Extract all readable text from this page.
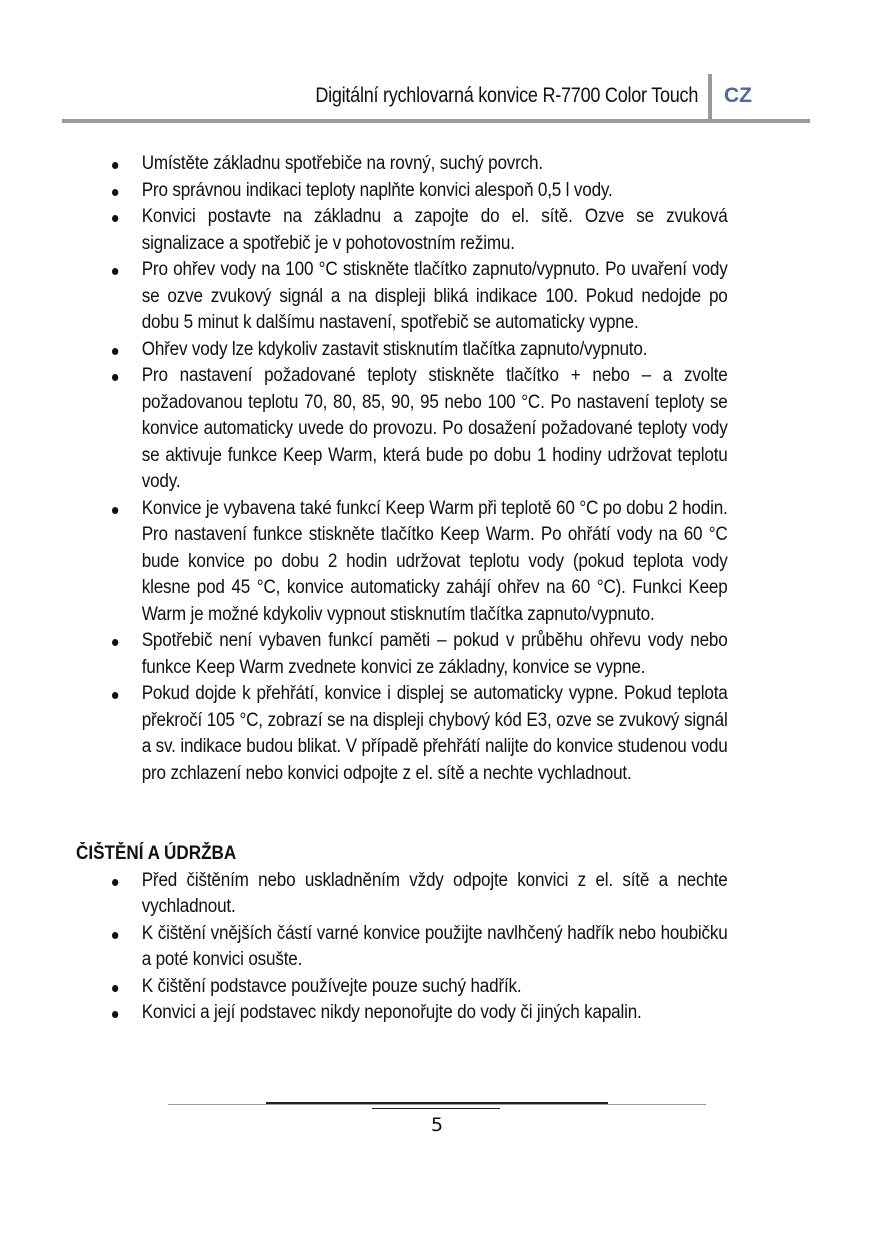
Digitální rychlovarná konvice R-7700 Color Touch CZ
Umístěte základnu spotřebiče na rovný, suchý povrch.
Pro správnou indikaci teploty naplňte konvici alespoň 0,5 l vody.
Konvici postavte na základnu a zapojte do el. sítě. Ozve se zvuková signalizace a spotřebič je v pohotovostním režimu.
Pro ohřev vody na 100 °C stiskněte tlačítko zapnuto/vypnuto. Po uvaření vody se ozve zvukový signál a na displeji bliká indikace 100. Pokud nedojde po dobu 5 minut k dalšímu nastavení, spotřebič se automaticky vypne.
Ohřev vody lze kdykoliv zastavit stisknutím tlačítka zapnuto/vypnuto.
Pro nastavení požadované teploty stiskněte tlačítko + nebo – a zvolte požadovanou teplotu 70, 80, 85, 90, 95 nebo 100 °C. Po nastavení teploty se konvice automaticky uvede do provozu. Po dosažení požadované teploty vody se aktivuje funkce Keep Warm, která bude po dobu 1 hodiny udržovat teplotu vody.
Konvice je vybavena také funkcí Keep Warm při teplotě 60 °C po dobu 2 hodin. Pro nastavení funkce stiskněte tlačítko Keep Warm. Po ohřátí vody na 60 °C bude konvice po dobu 2 hodin udržovat teplotu vody (pokud teplota vody klesne pod 45 °C, konvice automaticky zahájí ohřev na 60 °C). Funkci Keep Warm je možné kdykoliv vypnout stisknutím tlačítka zapnuto/vypnuto.
Spotřebič není vybaven funkcí paměti – pokud v průběhu ohřevu vody nebo funkce Keep Warm zvednete konvici ze základny, konvice se vypne.
Pokud dojde k přehřátí, konvice i displej se automaticky vypne. Pokud teplota překročí 105 °C, zobrazí se na displeji chybový kód E3, ozve se zvukový signál a sv. indikace budou blikat. V případě přehřátí nalijte do konvice studenou vodu pro zchlazení nebo konvici odpojte z el. sítě a nechte vychladnout.
ČIŠTĚNÍ A ÚDRŽBA
Před čištěním nebo uskladněním vždy odpojte konvici z el. sítě a nechte vychladnout.
K čištění vnějších částí varné konvice použijte navlhčený hadřík nebo houbičku a poté konvici osušte.
K čištění podstavce používejte pouze suchý hadřík.
Konvici a její podstavec nikdy neponořujte do vody či jiných kapalin.
5
